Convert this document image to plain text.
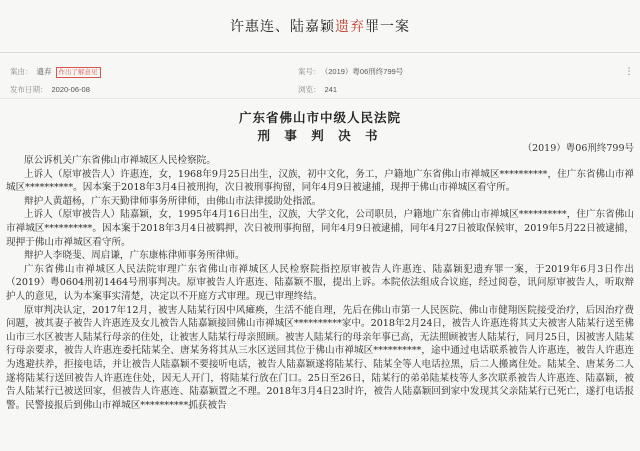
许惠连、陆嘉颖遗弃罪一案
案由： 遗弃 作出了解意见	案号： （2019）粤06刑终799号	⋮
发布日期： 2020-06-08	浏览： 241
广东省佛山市中级人民法院
刑 事 判 决 书
（2019）粤06刑终799号

原公诉机关广东省佛山市禅城区人民检察院。

上诉人（原审被告人）许惠连，女，1968年9月25日出生，汉族，初中文化，务工，户籍地广东省佛山市禅城区**********，住广东省佛山市禅城区**********。因本案于2018年3月4日被刑拘，次日被刑事拘留，同年4月9日被逮捕，现押于佛山市禅城区看守所。

辩护人黄超杨，广东天勤律师事务所律师，由佛山市法律援助处指派。

上诉人（原审被告人）陆嘉颖，女，1995年4月16日出生，汉族，大学文化，公司职员，户籍地广东省佛山市禅城区**********，住广东省佛山市禅城区**********。因本案于2018年3月4日被羁押，次日被刑事拘留，同年4月9日被逮捕，同年4月27日被取保候审，2019年5月22日被逮捕，现押于佛山市禅城区看守所。

辩护人李晓斐、周启谦，广东康栋律师事务所律师。

广东省佛山市禅城区人民法院审理广东省佛山市禅城区人民检察院指控原审被告人许惠连、陆嘉颖犯遗弃罪一案，于2019年6月3日作出（2019）粤0604刑初1464号刑事判决。原审被告人许惠连、陆嘉颖不服，提出上诉。本院依法组成合议庭，经过阅卷，讯问原审被告人，听取辩护人的意见，认为本案事实清楚，决定以不开庭方式审理。现已审理终结。

原审判决认定，2017年12月，被害人陆某行因中风瘫痪，生活不能自理，先后在佛山市第一人民医院、佛山市健翔医院接受治疗，后因治疗费问题，被其妻子被告人许惠连及女儿被告人陆嘉颖接回佛山市禅城区**********家中。2018年2月24日，被告人许惠连将其丈夫被害人陆某行送至佛山市三水区被害人陆某行母亲的住处，让被害人陆某行母亲照顾。被害人陆某行的母亲年事已高，无法照顾被害人陆某行，同月25日，因被害人陆某行母亲要求，被告人许惠连委托陆某全、唐某务将其从三水区送回其位于佛山市禅城区**********，途中通过电话联系被告人许惠连，被告人许惠连为逃避扶养，拒接电话，并让被告人陆嘉颖不要接听电话，被告人陆嘉颖遂将陆某行、陆某全等人电话拉黑，后二人搬离住处。陆某全、唐某务二人遂将陆某行送回被告人许惠连住处，因无人开门，将陆某行放在门口。25日至26日，陆某行的弟弟陆某枝等人多次联系被告人许惠连、陆嘉颖，被告人陆某行已被送回家，但被告人许惠连、陆嘉颖置之不理。2018年3月4日23时许，被告人陆嘉颖回到家中发现其父亲陆某行已死亡，遂打电话报警。民警接报后到佛山市禅城区**********抓获被告
